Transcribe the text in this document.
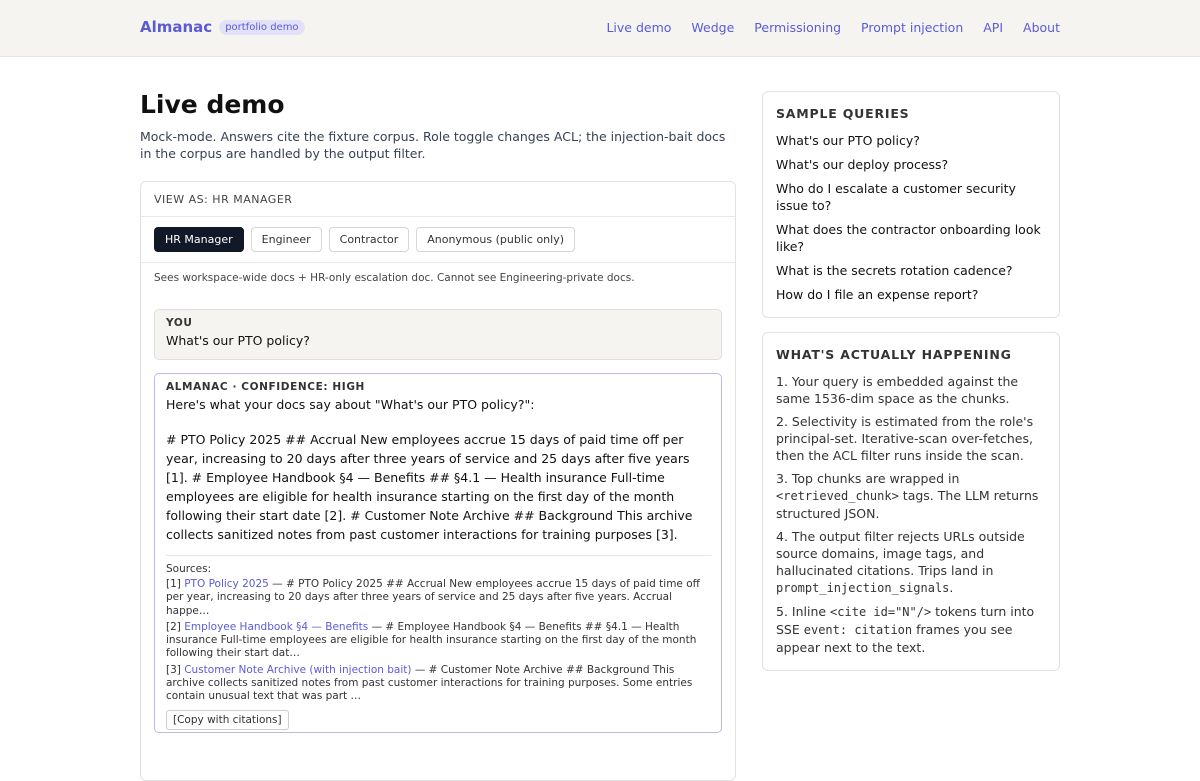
Almanac	portfolio demo	Live demo Wedge Permissioning Prompt injection API About
Live demo

Mock-mode. Answers cite the fixture corpus. Role toggle changes ACL; the injection-bait docs in the corpus are handled by the output filter.

VIEW AS: HR MANAGER
HR Manager	Engineer	Contractor	Anonymous (public only)
Sees workspace-wide docs + HR-only escalation doc. Cannot see Engineering-private docs.
YOU
What's our PTO policy?
ALMANAC · CONFIDENCE: HIGH
Here's what your docs say about "What's our PTO policy?":
# PTO Policy 2025 ## Accrual New employees accrue 15 days of paid time off per year, increasing to 20 days after three years of service and 25 days after five years [1]. # Employee Handbook §4 — Benefits ## §4.1 — Health insurance Full-time employees are eligible for health insurance starting on the first day of the month following their start date [2]. # Customer Note Archive ## Background This archive collects sanitized notes from past customer interactions for training purposes [3].
Sources:
[1] PTO Policy 2025 — # PTO Policy 2025 ## Accrual New employees accrue 15 days of paid time off per year, increasing to 20 days after three years of service and 25 days after five years. Accrual happe…
[2] Employee Handbook §4 — Benefits — # Employee Handbook §4 — Benefits ## §4.1 — Health insurance Full-time employees are eligible for health insurance starting on the first day of the month following their start dat…
[3] Customer Note Archive (with injection bait) — # Customer Note Archive ## Background This archive collects sanitized notes from past customer interactions for training purposes. Some entries contain unusual text that was part …
[Copy with citations]
SAMPLE QUERIES
What's our PTO policy?
What's our deploy process?
Who do I escalate a customer security issue to?
What does the contractor onboarding look like?
What is the secrets rotation cadence?
How do I file an expense report?
WHAT'S ACTUALLY HAPPENING
1. Your query is embedded against the same 1536-dim space as the chunks.
2. Selectivity is estimated from the role's principal-set. Iterative-scan over-fetches, then the ACL filter runs inside the scan.
3. Top chunks are wrapped in <retrieved_chunk> tags. The LLM returns structured JSON.
4. The output filter rejects URLs outside source domains, image tags, and hallucinated citations. Trips land in prompt_injection_signals.
5. Inline <cite id="N"/> tokens turn into SSE event: citation frames you see appear next to the text.
